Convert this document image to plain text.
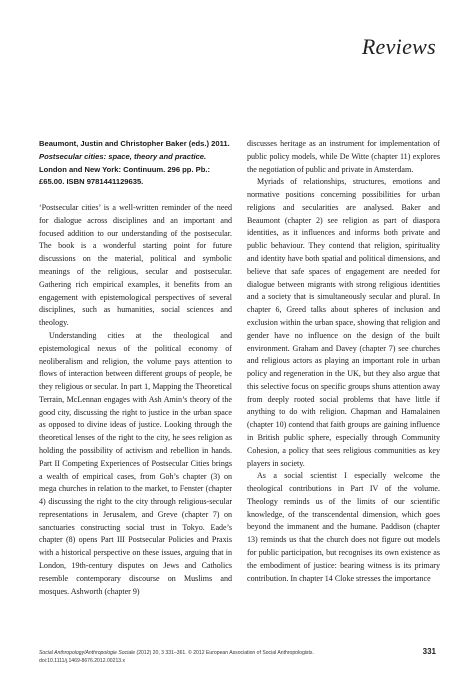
Reviews
Beaumont, Justin and Christopher Baker (eds.) 2011. Postsecular cities: space, theory and practice. London and New York: Continuum. 296 pp. Pb.: £65.00. ISBN 9781441129635.

‘Postsecular cities’ is a well-written reminder of the need for dialogue across disciplines and an important and focused addition to our understanding of the postsecular. The book is a wonderful starting point for future discussions on the material, political and symbolic meanings of the religious, secular and postsecular. Gathering rich empirical examples, it benefits from an engagement with epistemological perspectives of several disciplines, such as humanities, social sciences and theology.

Understanding cities at the theological and epistemological nexus of the political economy of neoliberalism and religion, the volume pays attention to flows of interaction between different groups of people, be they religious or secular. In part 1, Mapping the Theoretical Terrain, McLennan engages with Ash Amin’s theory of the good city, discussing the right to justice in the urban space as opposed to divine ideas of justice. Looking through the theoretical lenses of the right to the city, he sees religion as holding the possibility of activism and rebellion in hands. Part II Competing Experiences of Postsecular Cities brings a wealth of empirical cases, from Goh’s chapter (3) on mega churches in relation to the market, to Fenster (chapter 4) discussing the right to the city through religious-secular representations in Jerusalem, and Greve (chapter 7) on sanctuaries constructing social trust in Tokyo. Eade’s chapter (8) opens Part III Postsecular Policies and Praxis with a historical perspective on these issues, arguing that in London, 19th-century disputes on Jews and Catholics resemble contemporary discourse on Muslims and mosques. Ashworth (chapter 9)

discusses heritage as an instrument for implementation of public policy models, while De Witte (chapter 11) explores the negotiation of public and private in Amsterdam.

Myriads of relationships, structures, emotions and normative positions concerning possibilities for urban religions and secularities are analysed. Baker and Beaumont (chapter 2) see religion as part of diaspora identities, as it influences and informs both private and public behaviour. They contend that religion, spirituality and identity have both spatial and political dimensions, and believe that safe spaces of engagement are needed for dialogue between migrants with strong religious identities and a society that is simultaneously secular and plural. In chapter 6, Greed talks about spheres of inclusion and exclusion within the urban space, showing that religion and gender have no influence on the design of the built environment. Graham and Davey (chapter 7) see churches and religious actors as playing an important role in urban policy and regeneration in the UK, but they also argue that this selective focus on specific groups shuns attention away from deeply rooted social problems that have little if anything to do with religion. Chapman and Hamalainen (chapter 10) contend that faith groups are gaining influence in British public sphere, especially through Community Cohesion, a policy that sees religious communities as key players in society.

As a social scientist I especially welcome the theological contributions in Part IV of the volume. Theology reminds us of the limits of our scientific knowledge, of the transcendental dimension, which goes beyond the immanent and the humane. Paddison (chapter 13) reminds us that the church does not figure out models for public participation, but recognises its own existence as the embodiment of justice: bearing witness is its primary contribution. In chapter 14 Cloke stresses the importance

Social Anthropology/Anthropologie Sociale (2012) 20, 3 331–361. © 2012 European Association of Social Anthropologists.
doi:10.1111/j.1469-8676.2012.00213.x
331
